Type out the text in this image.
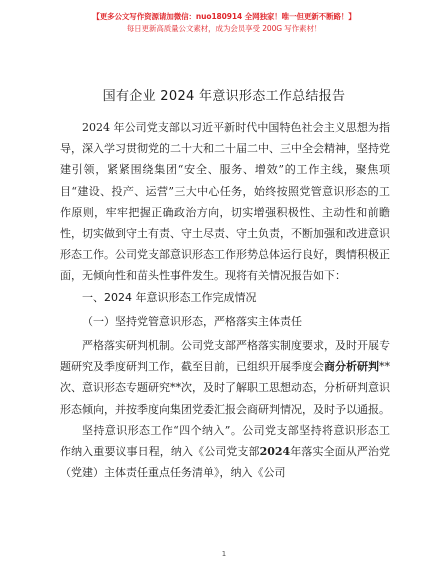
【更多公文写作资源请加微信：nuo180914 全网独家！唯一但更新不断路！】
每日更新高质量公文素材，成为会员享受 200G 写作素材！
国有企业 2024 年意识形态工作总结报告

2024 年公司党支部以习近平新时代中国特色社会主义思想为指导，深入学习贯彻党的二十大和二十届二中、三中全会精神，坚持党建引领，紧紧围绕集团“安全、服务、增效”的工作主线，聚焦项目“建设、投产、运营”三大中心任务，始终按照党管意识形态的工作原则，牢牢把握正确政治方向，切实增强积极性、主动性和前瞻性，切实做到守土有责、守土尽责、守土负责，不断加强和改进意识形态工作。公司党支部意识形态工作形势总体运行良好，舆情积极正面，无倾向性和苗头性事件发生。现将有关情况报告如下：

一、2024 年意识形态工作完成情况

（一）坚持党管意识形态，严格落实主体责任

严格落实研判机制。公司党支部严格落实制度要求，及时开展专题研究及季度研判工作，截至目前，已组织开展季度会商分析研判**次、意识形态专题研究**次，及时了解职工思想动态，分析研判意识形态倾向，并按季度向集团党委汇报会商研判情况，及时予以通报。

坚持意识形态工作“四个纳入”。公司党支部坚持将意识形态工作纳入重要议事日程，纳入《公司党支部2024年落实全面从严治党（党建）主体责任重点任务清单》，纳入《公司

1
